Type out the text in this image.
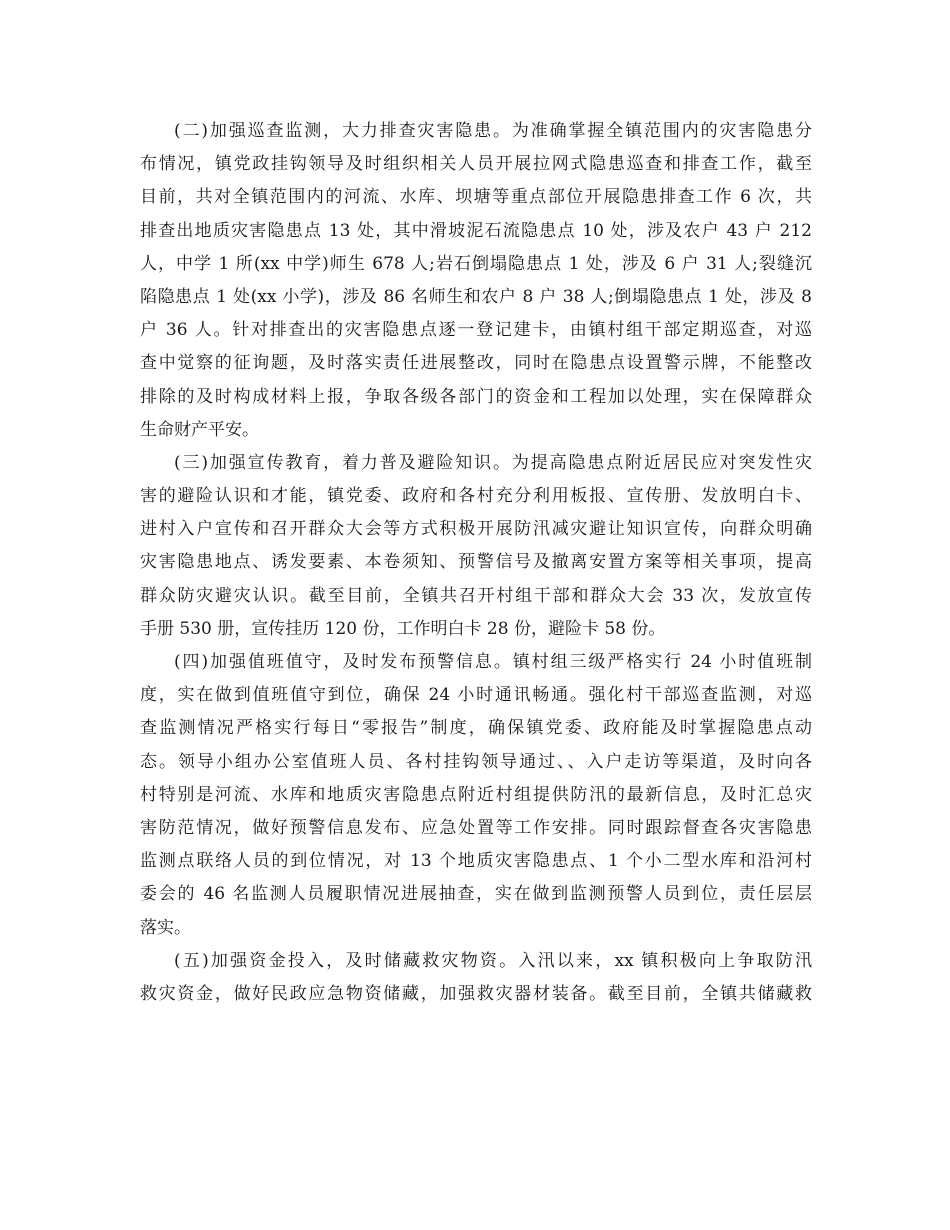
(二)加强巡查监测，大力排查灾害隐患。为准确掌握全镇范围内的灾害隐患分
布情况，镇党政挂钩领导及时组织相关人员开展拉网式隐患巡查和排查工作，截至
目前，共对全镇范围内的河流、水库、坝塘等重点部位开展隐患排查工作 6 次，共
排查出地质灾害隐患点 13 处，其中滑坡泥石流隐患点 10 处，涉及农户 43 户 212
人，中学 1 所(xx 中学)师生 678 人;岩石倒塌隐患点 1 处，涉及 6 户 31 人;裂缝沉
陷隐患点 1 处(xx 小学)，涉及 86 名师生和农户 8 户 38 人;倒塌隐患点 1 处，涉及 8
户 36 人。针对排查出的灾害隐患点逐一登记建卡，由镇村组干部定期巡查，对巡
查中觉察的征询题，及时落实责任进展整改，同时在隐患点设置警示牌，不能整改
排除的及时构成材料上报，争取各级各部门的资金和工程加以处理，实在保障群众
生命财产平安。
(三)加强宣传教育，着力普及避险知识。为提高隐患点附近居民应对突发性灾
害的避险认识和才能，镇党委、政府和各村充分利用板报、宣传册、发放明白卡、
进村入户宣传和召开群众大会等方式积极开展防汛减灾避让知识宣传，向群众明确
灾害隐患地点、诱发要素、本卷须知、预警信号及撤离安置方案等相关事项，提高
群众防灾避灾认识。截至目前，全镇共召开村组干部和群众大会 33 次，发放宣传
手册 530 册，宣传挂历 120 份，工作明白卡 28 份，避险卡 58 份。
(四)加强值班值守，及时发布预警信息。镇村组三级严格实行 24 小时值班制
度，实在做到值班值守到位，确保 24 小时通讯畅通。强化村干部巡查监测，对巡
查监测情况严格实行每日“零报告”制度，确保镇党委、政府能及时掌握隐患点动
态。领导小组办公室值班人员、各村挂钩领导通过、、入户走访等渠道，及时向各
村特别是河流、水库和地质灾害隐患点附近村组提供防汛的最新信息，及时汇总灾
害防范情况，做好预警信息发布、应急处置等工作安排。同时跟踪督查各灾害隐患
监测点联络人员的到位情况，对 13 个地质灾害隐患点、1 个小二型水库和沿河村
委会的 46 名监测人员履职情况进展抽查，实在做到监测预警人员到位，责任层层
落实。
(五)加强资金投入，及时储藏救灾物资。入汛以来，xx 镇积极向上争取防汛
救灾资金，做好民政应急物资储藏，加强救灾器材装备。截至目前，全镇共储藏救
